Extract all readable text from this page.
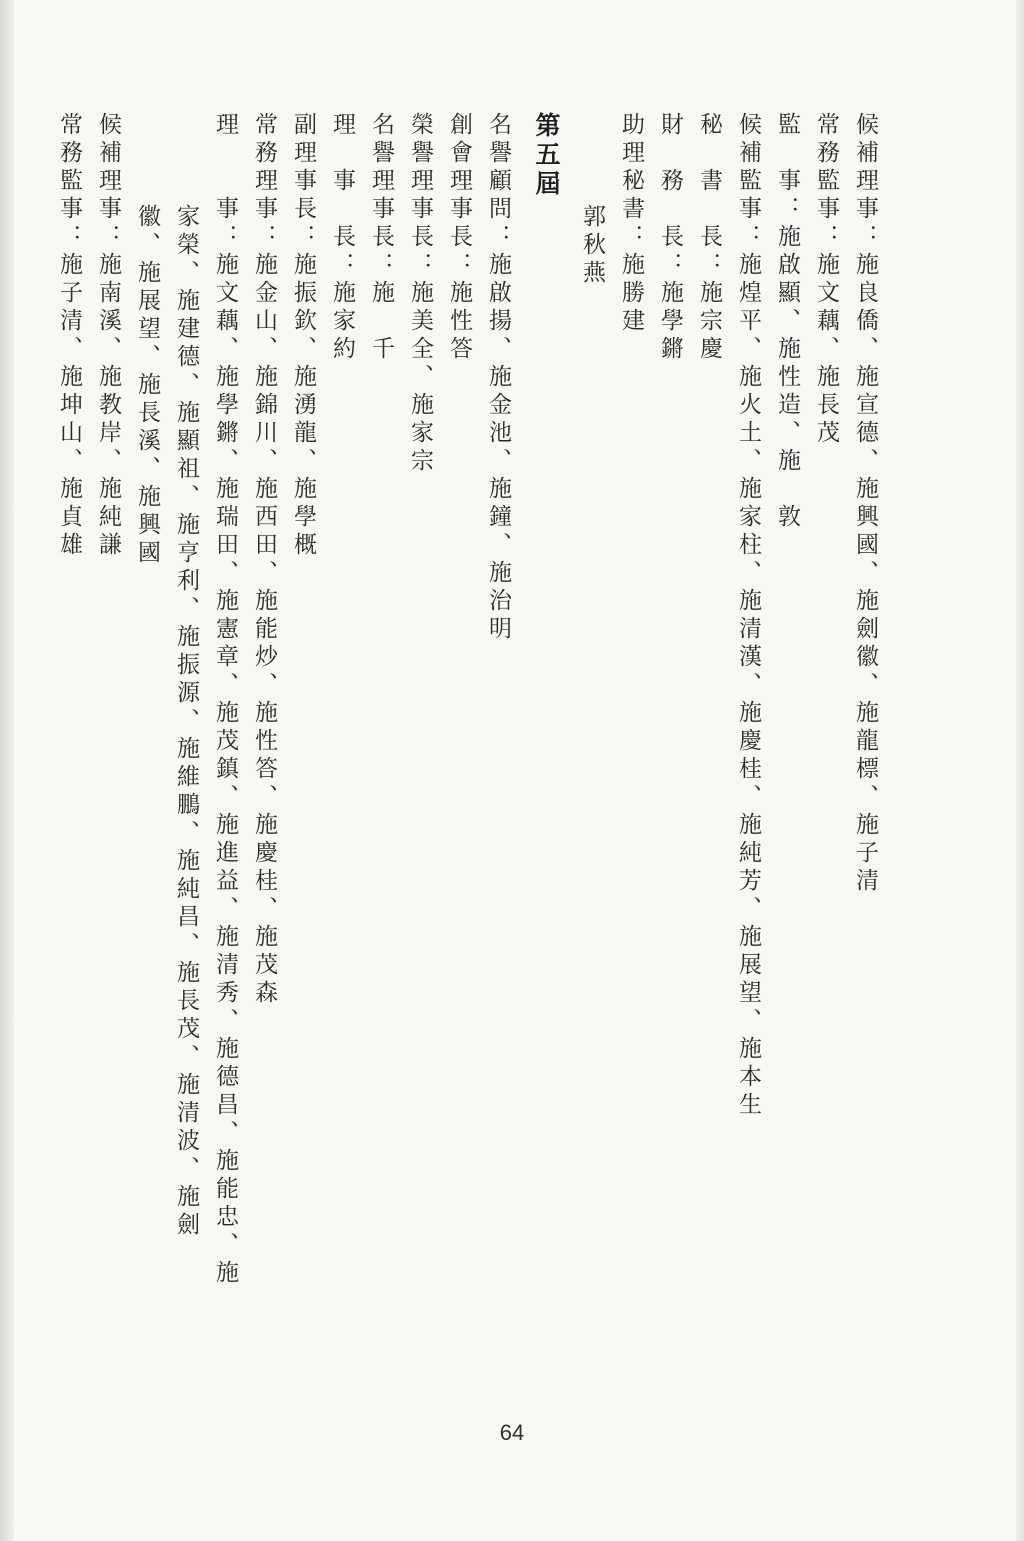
候補理事：施良僑、施宣德、施興國、施劍徽、施龍標、施子清
常務監事：施文藕、施長茂
監　事：施啟顯、施性造、施　敦
候補監事：施煌平、施火土、施家柱、施清漢、施慶桂、施純芳、施展望、施本生
秘　書　長：施宗慶
財　務　長：施學鏘
助理秘書：施勝建
郭秋燕
第五屆
名譽顧問：施啟揚、施金池、施鐘、施治明
創會理事長：施性答
榮譽理事長：施美全、施家宗
名譽理事長：施　千
理　事　長：施家約
副理事長：施振欽、施湧龍、施學概
常務理事：施金山、施錦川、施西田、施能炒、施性答、施慶桂、施茂森
理　　事：施文藕、施學鏘、施瑞田、施憲章、施茂鎮、施進益、施清秀、施德昌、施能忠、施
家榮、施建德、施顯祖、施亨利、施振源、施維鵬、施純昌、施長茂、施清波、施劍
徽、施展望、施長溪、施興國
候補理事：施南溪、施教岸、施純謙
常務監事：施子清、施坤山、施貞雄
64
